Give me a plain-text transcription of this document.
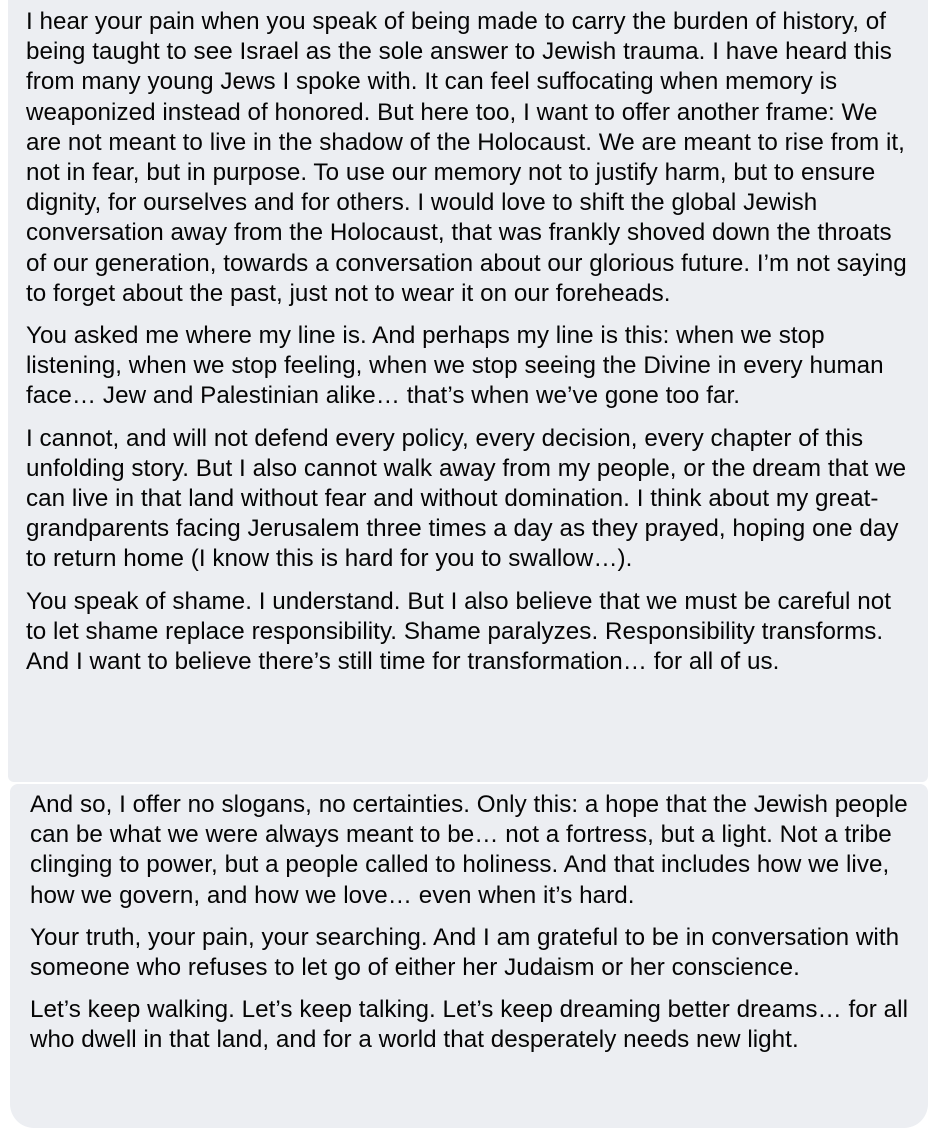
I hear your pain when you speak of being made to carry the burden of history, of being taught to see Israel as the sole answer to Jewish trauma. I have heard this from many young Jews I spoke with. It can feel suffocating when memory is weaponized instead of honored. But here too, I want to offer another frame: We are not meant to live in the shadow of the Holocaust. We are meant to rise from it, not in fear, but in purpose. To use our memory not to justify harm, but to ensure dignity, for ourselves and for others. I would love to shift the global Jewish conversation away from the Holocaust, that was frankly shoved down the throats of our generation, towards a conversation about our glorious future. I’m not saying to forget about the past, just not to wear it on our foreheads.

You asked me where my line is. And perhaps my line is this: when we stop listening, when we stop feeling, when we stop seeing the Divine in every human face… Jew and Palestinian alike… that’s when we’ve gone too far.

I cannot, and will not defend every policy, every decision, every chapter of this unfolding story. But I also cannot walk away from my people, or the dream that we can live in that land without fear and without domination. I think about my great-grandparents facing Jerusalem three times a day as they prayed, hoping one day to return home (I know this is hard for you to swallow…).

You speak of shame. I understand. But I also believe that we must be careful not to let shame replace responsibility. Shame paralyzes. Responsibility transforms. And I want to believe there’s still time for transformation… for all of us.

And so, I offer no slogans, no certainties. Only this: a hope that the Jewish people can be what we were always meant to be… not a fortress, but a light. Not a tribe clinging to power, but a people called to holiness. And that includes how we live, how we govern, and how we love… even when it’s hard.

Your truth, your pain, your searching. And I am grateful to be in conversation with someone who refuses to let go of either her Judaism or her conscience.

Let’s keep walking. Let’s keep talking. Let’s keep dreaming better dreams… for all who dwell in that land, and for a world that desperately needs new light.
